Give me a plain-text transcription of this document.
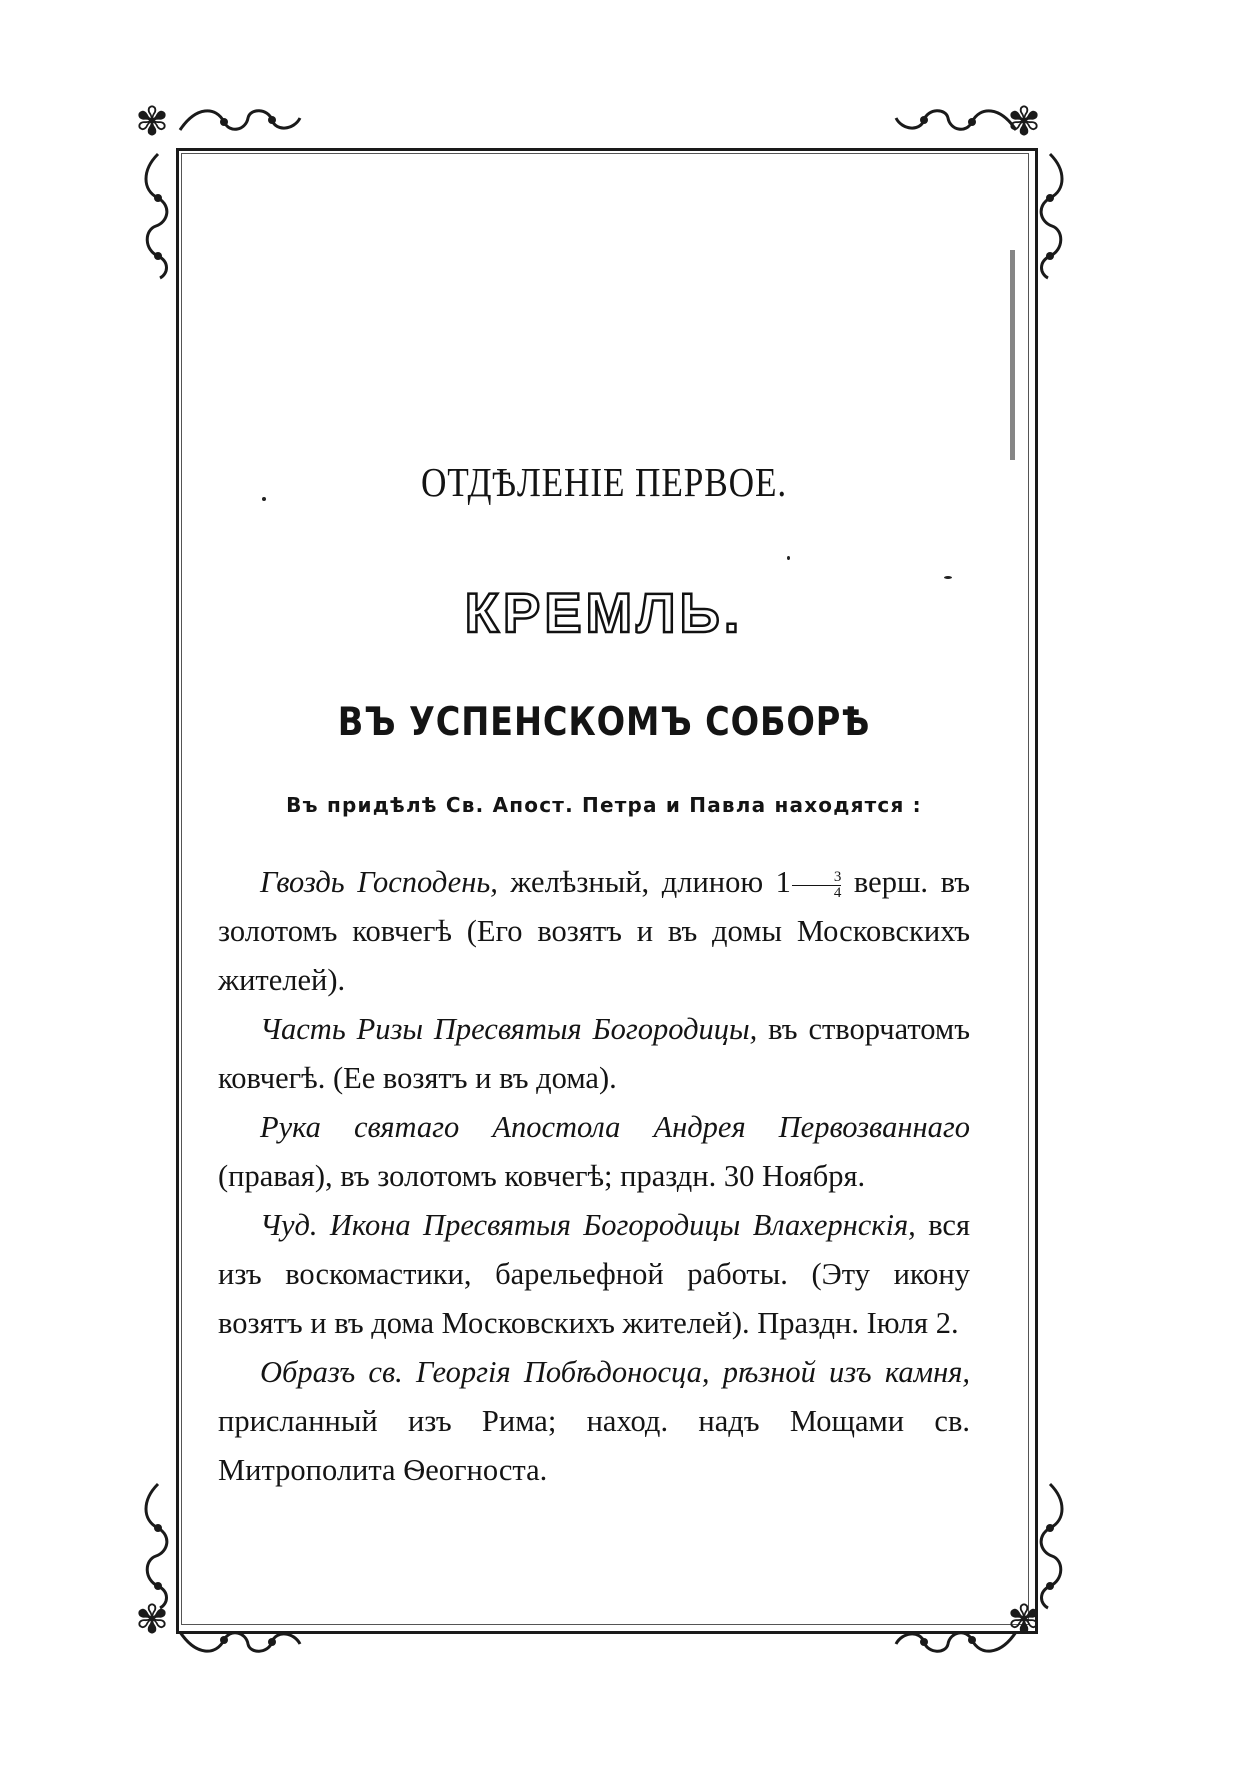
✾	✾
✾	✾
ОТДѢЛЕНІЕ ПЕРВОЕ.
КРЕМЛЬ.
ВЪ УСПЕНСКОМЪ СОБОРѢ
Въ придѣлѣ Св. Апост. Петра и Павла находятся :

Гвоздь Господень, желѣзный, длиною $1 \frac{3}{4}$ верш. въ золотомъ ковчегѣ (Его возятъ и въ домы Московскихъ жителей).

Часть Ризы Пресвятыя Богородицы, въ створчатомъ ковчегѣ. (Ее возятъ и въ дома).

Рука святаго Апостола Андрея Первозваннаго (правая), въ золотомъ ковчегѣ; праздн. 30 Ноября.

Чуд. Икона Пресвятыя Богородицы Влахернскія, вся изъ воскомастики, барельефной работы. (Эту икону возятъ и въ дома Московскихъ жителей). Праздн. Іюля 2.

Образъ св. Георгія Побѣдоносца, рѣзной изъ камня, присланный изъ Рима; наход. надъ Мощами св. Митрополита Ѳеогноста.
